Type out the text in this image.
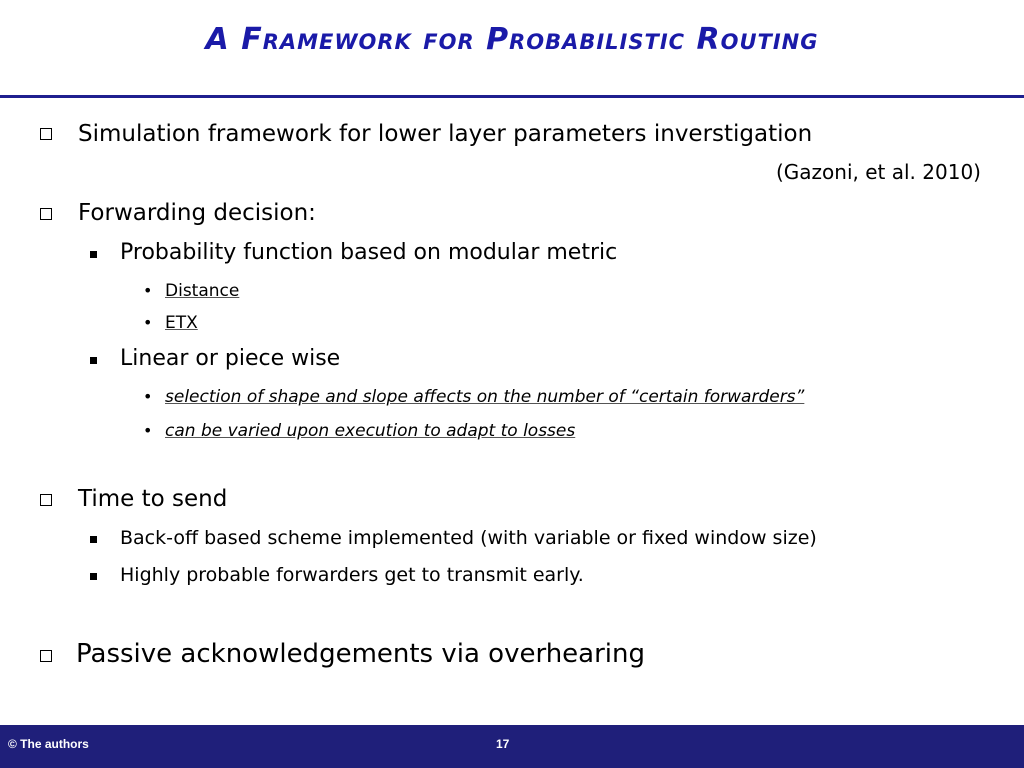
A Framework for Probabilistic Routing
Simulation framework for lower layer parameters inverstigation
(Gazoni, et al. 2010)
Forwarding decision:
Probability function based on modular metric
• Distance
• ETX
Linear or piece wise
• selection of shape and slope affects on the number of “certain forwarders”
• can be varied upon execution to adapt to losses
Time to send
Back-off based scheme implemented (with variable or fixed window size)
Highly probable forwarders get to transmit early.
Passive acknowledgements via overhearing
© The authors	17
